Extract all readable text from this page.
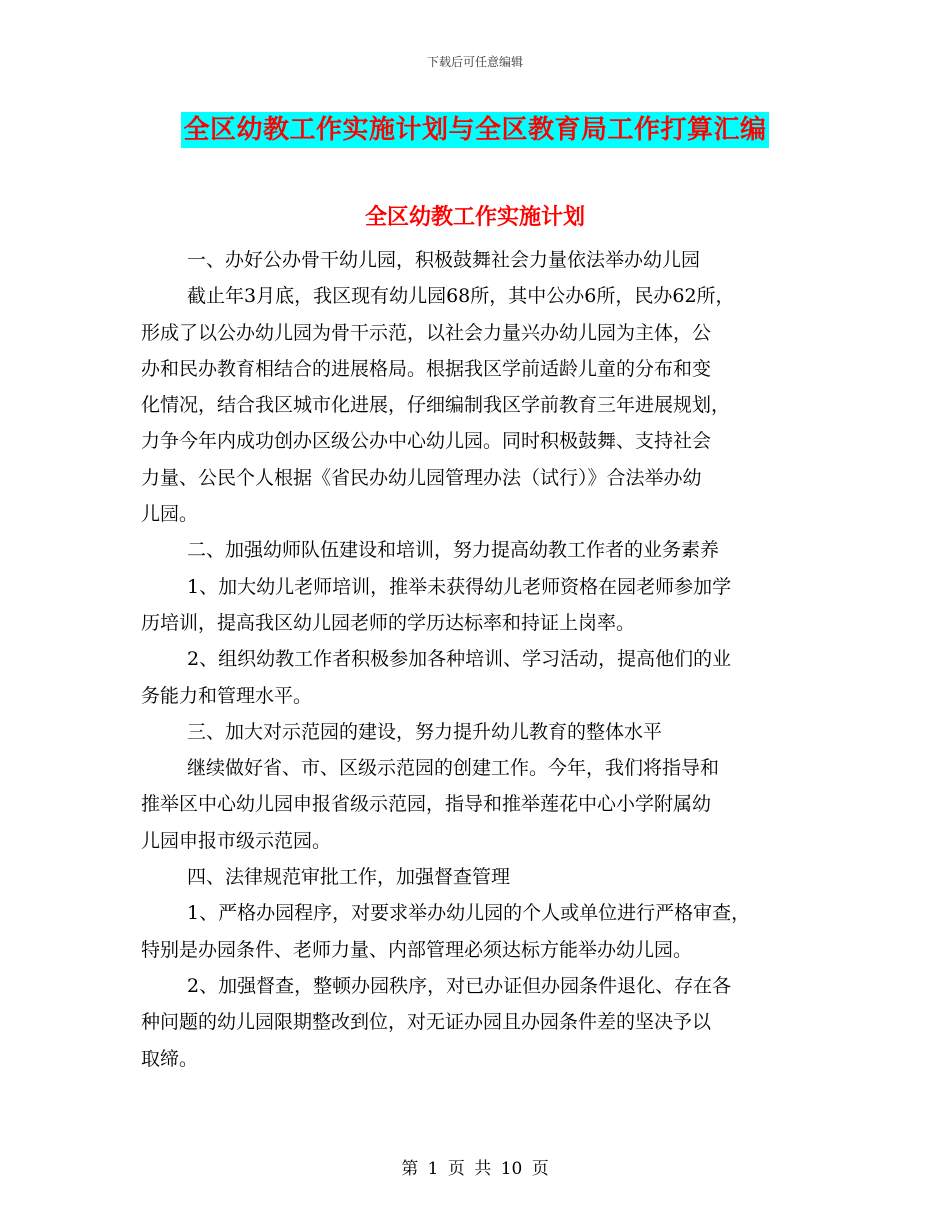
下载后可任意编辑
全区幼教工作实施计划与全区教育局工作打算汇编
全区幼教工作实施计划
一、办好公办骨干幼儿园，积极鼓舞社会力量依法举办幼儿园
截止年3月底，我区现有幼儿园68所，其中公办6所，民办62所，
形成了以公办幼儿园为骨干示范，以社会力量兴办幼儿园为主体，公
办和民办教育相结合的进展格局。根据我区学前适龄儿童的分布和变
化情况，结合我区城市化进展，仔细编制我区学前教育三年进展规划，
力争今年内成功创办区级公办中心幼儿园。同时积极鼓舞、支持社会
力量、公民个人根据《省民办幼儿园管理办法（试行）》合法举办幼
儿园。
二、加强幼师队伍建设和培训，努力提高幼教工作者的业务素养
1、加大幼儿老师培训，推举未获得幼儿老师资格在园老师参加学
历培训，提高我区幼儿园老师的学历达标率和持证上岗率。
2、组织幼教工作者积极参加各种培训、学习活动，提高他们的业
务能力和管理水平。
三、加大对示范园的建设，努力提升幼儿教育的整体水平
继续做好省、市、区级示范园的创建工作。今年，我们将指导和
推举区中心幼儿园申报省级示范园，指导和推举莲花中心小学附属幼
儿园申报市级示范园。
四、法律规范审批工作，加强督查管理
1、严格办园程序，对要求举办幼儿园的个人或单位进行严格审查，
特别是办园条件、老师力量、内部管理必须达标方能举办幼儿园。
2、加强督查，整顿办园秩序，对已办证但办园条件退化、存在各
种问题的幼儿园限期整改到位，对无证办园且办园条件差的坚决予以
取缔。
第 1 页 共 10 页
